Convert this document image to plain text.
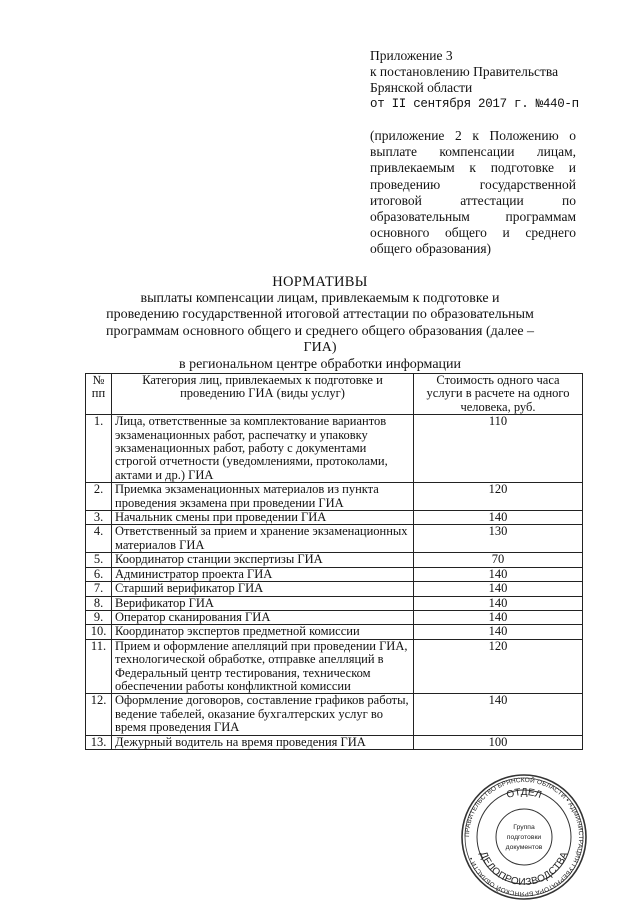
Приложение 3
к постановлению Правительства
Брянской области
от II сентября 2017 г. №440-п
(приложение 2 к Положению о выплате компенсации лицам, привлекаемым к подготовке и проведению государственной итоговой аттестации по образовательным программам основного общего и среднего общего образования)
НОРМАТИВЫ
выплаты компенсации лицам, привлекаемым к подготовке и
проведению государственной итоговой аттестации по образовательным
программам основного общего и среднего общего образования (далее – ГИА)
в региональном центре обработки информации
№ пп	Категория лиц, привлекаемых к подготовке и проведению ГИА (виды услуг)	Стоимость одного часа услуги в расчете на одного человека, руб.
1.	Лица, ответственные за комплектование вариантов экзаменационных работ, распечатку и упаковку экзаменационных работ, работу с документами строгой отчетности (уведомлениями, протоколами, актами и др.) ГИА	110
2.	Приемка экзаменационных материалов из пункта проведения экзамена при проведении ГИА	120
3.	Начальник смены при проведении ГИА	140
4.	Ответственный за прием и хранение экзаменационных материалов ГИА	130
5.	Координатор станции экспертизы ГИА	70
6.	Администратор проекта ГИА	140
7.	Старший верификатор ГИА	140
8.	Верификатор ГИА	140
9.	Оператор сканирования ГИА	140
10.	Координатор экспертов предметной комиссии	140
11.	Прием и оформление апелляций при проведении ГИА, технологической обработке, отправке апелляций в Федеральный центр тестирования, техническом обеспечении работы конфликтной комиссии	120
12.	Оформление договоров, составление графиков работы, ведение табелей, оказание бухгалтерских услуг во время проведения ГИА	140
13.	Дежурный водитель на время проведения ГИА	100
ПРАВИТЕЛЬСТВО БРЯНСКОЙ ОБЛАСТИ • АДМИНИСТРАЦИЯ ГУБЕРНАТОРА БРЯНСКОЙ ОБЛАСТИ •
ОТДЕЛ
ДЕЛОПРОИЗВОДСТВА
Группа
подготовки
документов
